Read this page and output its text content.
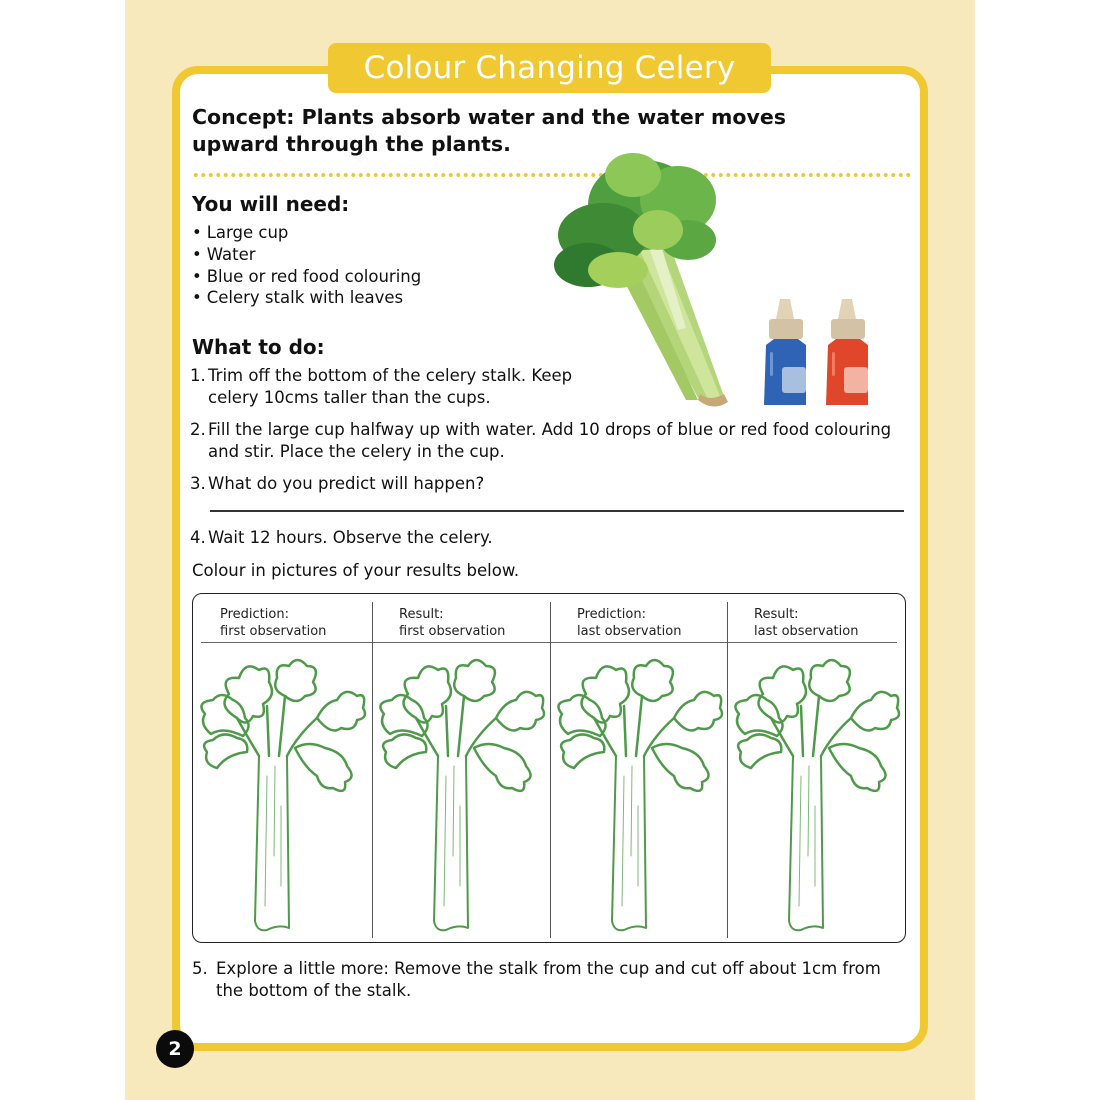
Colour Changing Celery
Concept: Plants absorb water and the water moves upward through the plants.
You will need:
• Large cup
• Water
• Blue or red food colouring
• Celery stalk with leaves
What to do:
1. Trim off the bottom of the celery stalk. Keep celery 10cms taller than the cups.
2. Fill the large cup halfway up with water. Add 10 drops of blue or red food colouring and stir. Place the celery in the cup.
3. What do you predict will happen?
4. Wait 12 hours. Observe the celery.
Colour in pictures of your results below.
Prediction:
first observation
Result:
first observation
Prediction:
last observation
Result:
last observation
5. Explore a little more: Remove the stalk from the cup and cut off about 1cm from the bottom of the stalk.
2
